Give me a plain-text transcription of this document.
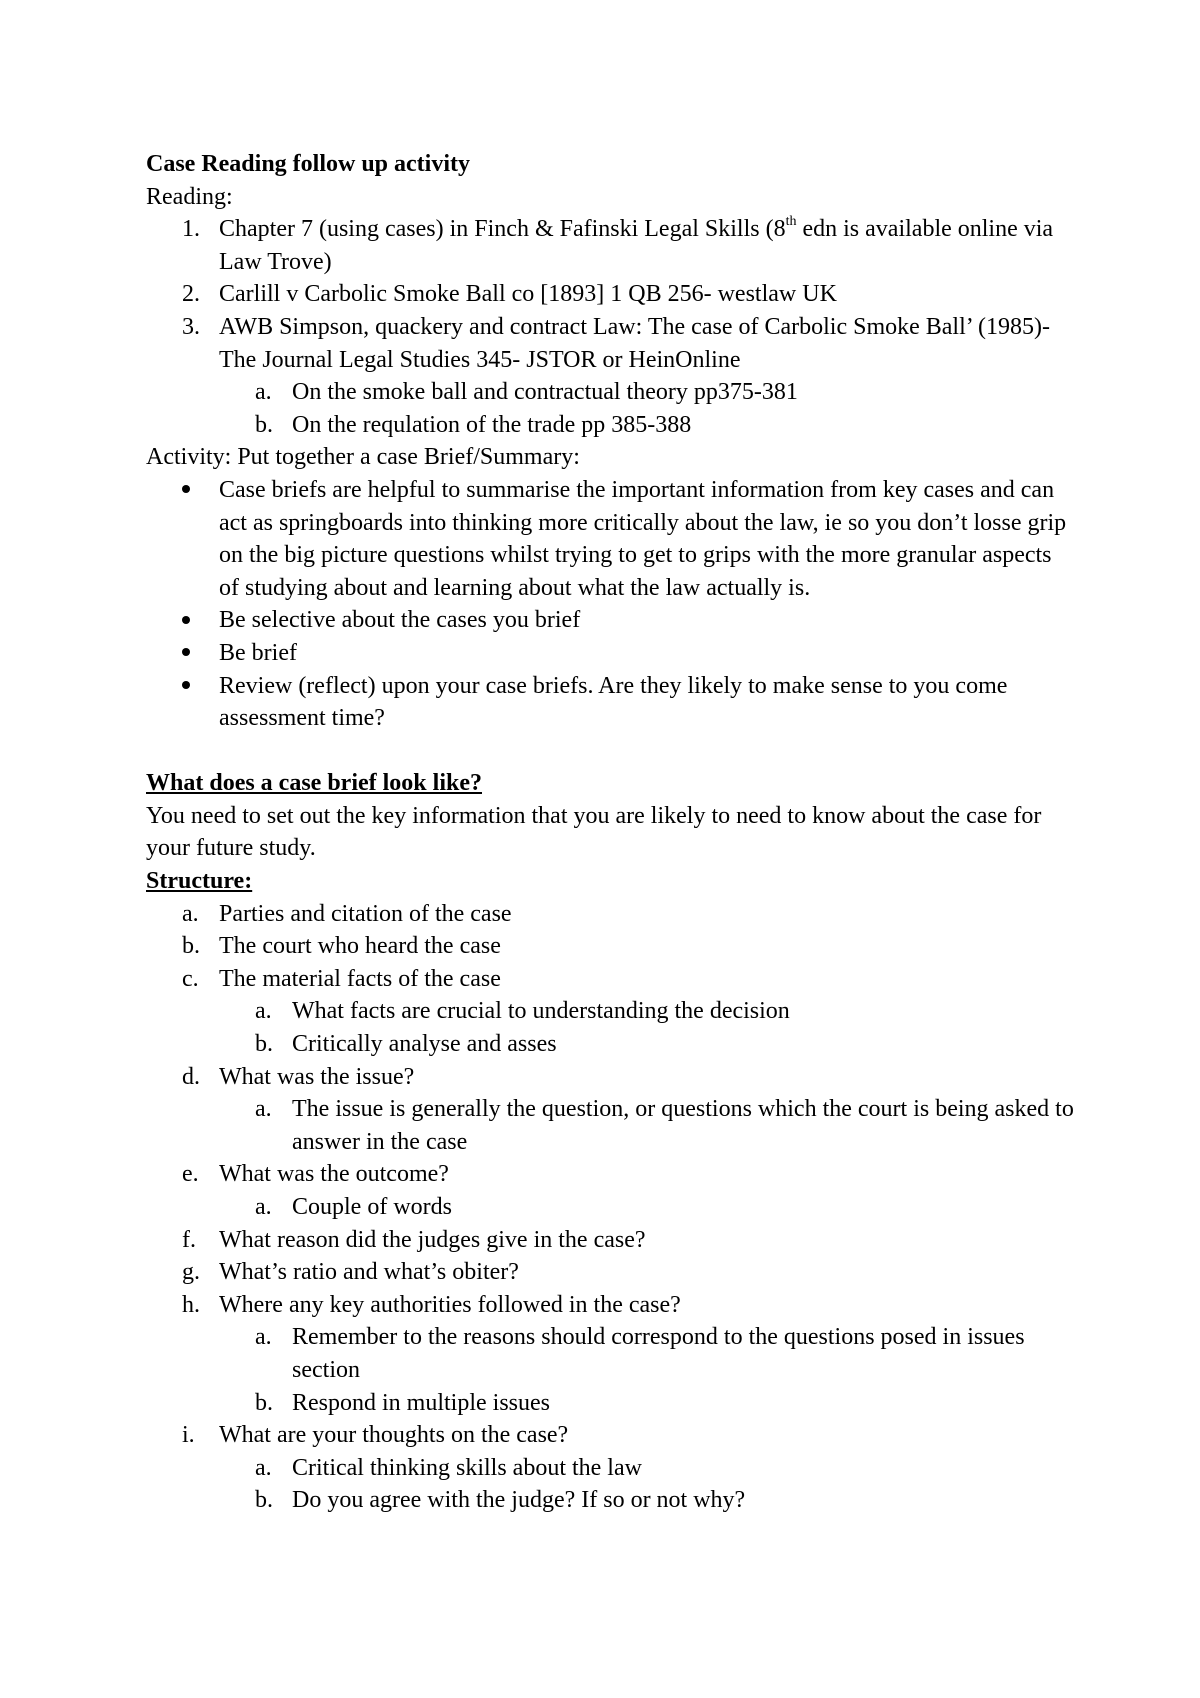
Case Reading follow up activity
Reading:
1. Chapter 7 (using cases) in Finch & Fafinski Legal Skills (8th edn is available online via Law Trove)
2. Carlill v Carbolic Smoke Ball co [1893] 1 QB 256- westlaw UK
3. AWB Simpson, quackery and contract Law: The case of Carbolic Smoke Ball’ (1985)- The Journal Legal Studies 345- JSTOR or HeinOnline
a. On the smoke ball and contractual theory pp375-381
b. On the requlation of the trade pp 385-388
Activity: Put together a case Brief/Summary:
Case briefs are helpful to summarise the important information from key cases and can act as springboards into thinking more critically about the law, ie so you don’t losse grip on the big picture questions whilst trying to get to grips with the more granular aspects of studying about and learning about what the law actually is.
Be selective about the cases you brief
Be brief
Review (reflect) upon your case briefs. Are they likely to make sense to you come assessment time?
What does a case brief look like?
You need to set out the key information that you are likely to need to know about the case for your future study.
Structure:
a. Parties and citation of the case
b. The court who heard the case
c. The material facts of the case
a. What facts are crucial to understanding the decision
b. Critically analyse and asses
d. What was the issue?
a. The issue is generally the question, or questions which the court is being asked to answer in the case
e. What was the outcome?
a. Couple of words
f. What reason did the judges give in the case?
g. What’s ratio and what’s obiter?
h. Where any key authorities followed in the case?
a. Remember to the reasons should correspond to the questions posed in issues section
b. Respond in multiple issues
i. What are your thoughts on the case?
a. Critical thinking skills about the law
b. Do you agree with the judge? If so or not why?
